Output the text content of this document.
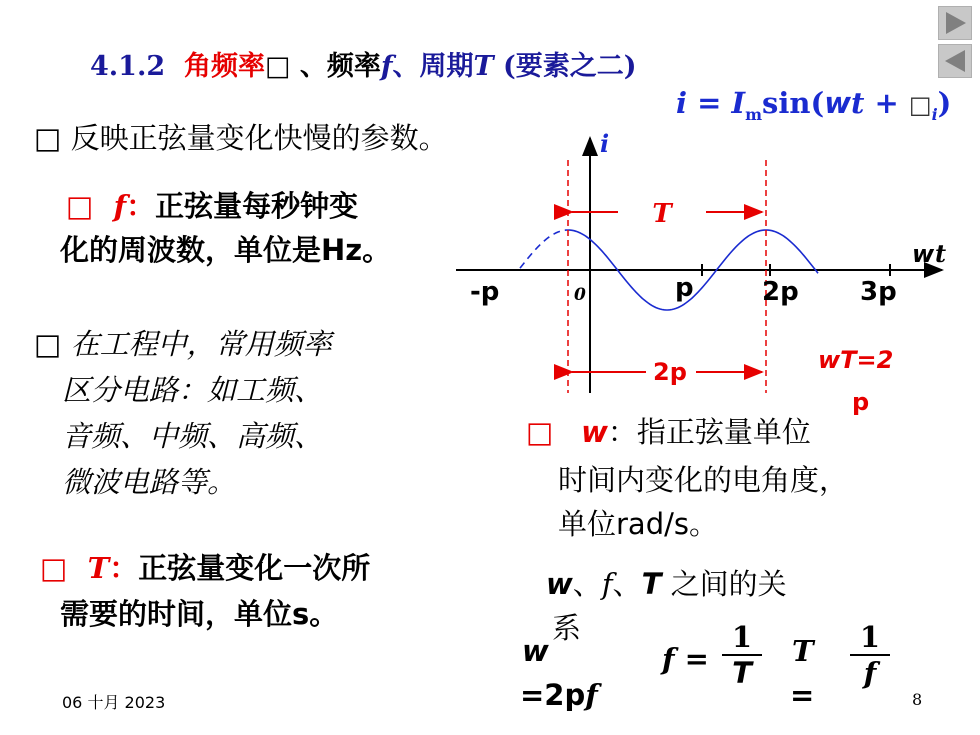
4.1.2 角频率□ 、频率f、周期T (要素之二)
$i = I_m\sin(wt$ + $□_i$)
□ 反映正弦量变化快慢的参数。
□ f：正弦量每秒钟变
化的周波数，单位是Hz。
□ 在工程中，常用频率
区分电路：如工频、
音频、中频、高频、
微波电路等。
□ T：正弦量变化一次所
需要的时间，单位s。
T
2p
i
w t
-p	0	p	2p 3p
wT=2
p
□ w：指正弦量单位
时间内变化的电角度，
单位rad/s。
w、f、T 之间的关
系
w
=2pf
$f = \frac{1}{T}$ T
=
$\frac{1}{f}$
06 十月 2023	8
